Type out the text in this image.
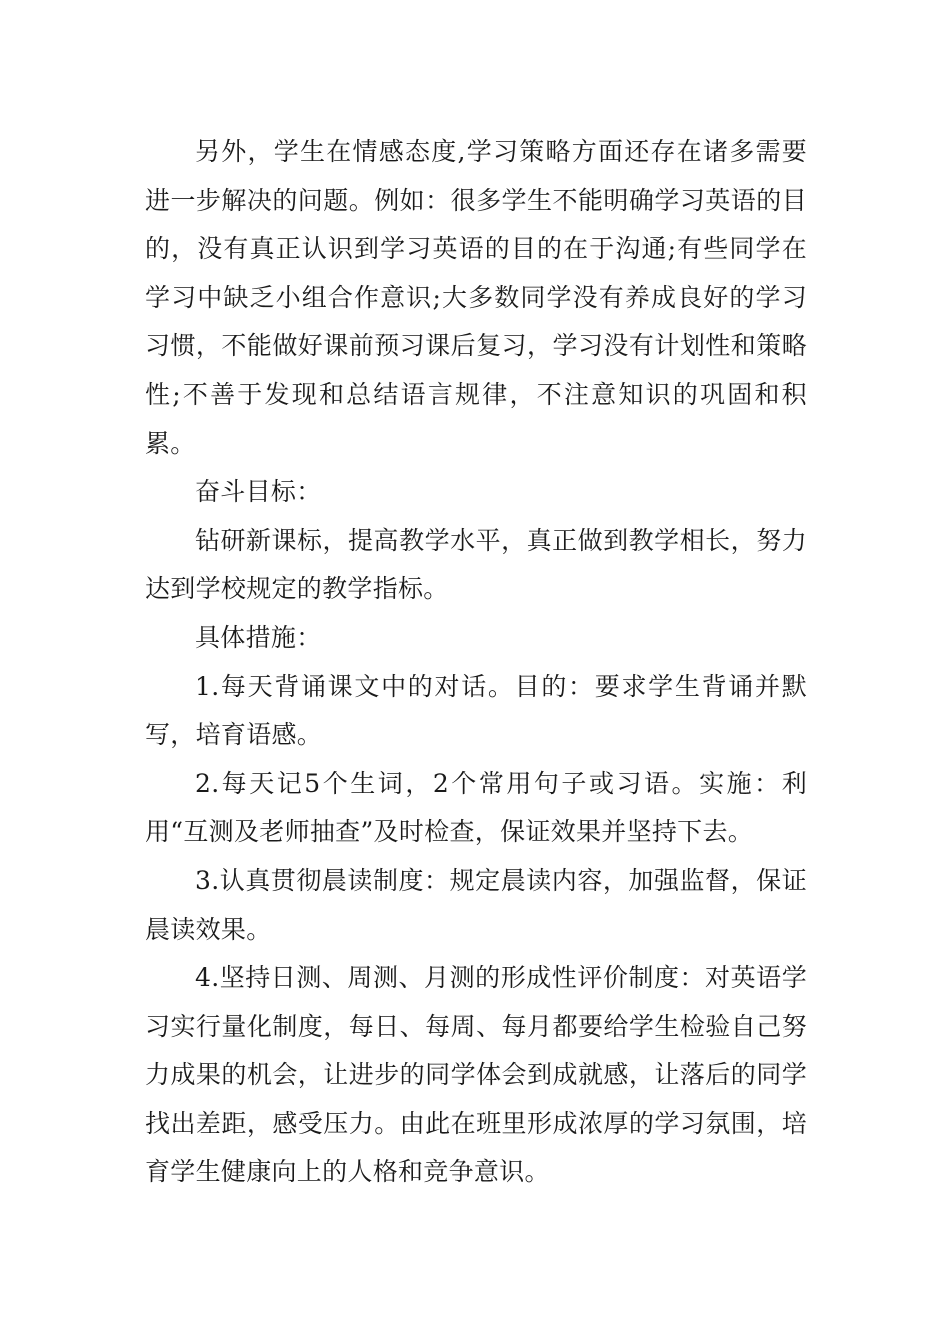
另外，学生在情感态度,学习策略方面还存在诸多需要进一步解决的问题。例如：很多学生不能明确学习英语的目的，没有真正认识到学习英语的目的在于沟通;有些同学在学习中缺乏小组合作意识;大多数同学没有养成良好的学习习惯，不能做好课前预习课后复习，学习没有计划性和策略性;不善于发现和总结语言规律，不注意知识的巩固和积累。

奋斗目标：

钻研新课标，提高教学水平，真正做到教学相长，努力达到学校规定的教学指标。

具体措施：

1.每天背诵课文中的对话。目的：要求学生背诵并默写，培育语感。

2.每天记5个生词，2个常用句子或习语。实施：利用“互测及老师抽查”及时检查，保证效果并坚持下去。

3.认真贯彻晨读制度：规定晨读内容，加强监督，保证晨读效果。

4.坚持日测、周测、月测的形成性评价制度：对英语学习实行量化制度，每日、每周、每月都要给学生检验自己努力成果的机会，让进步的同学体会到成就感，让落后的同学找出差距，感受压力。由此在班里形成浓厚的学习氛围，培育学生健康向上的人格和竞争意识。
